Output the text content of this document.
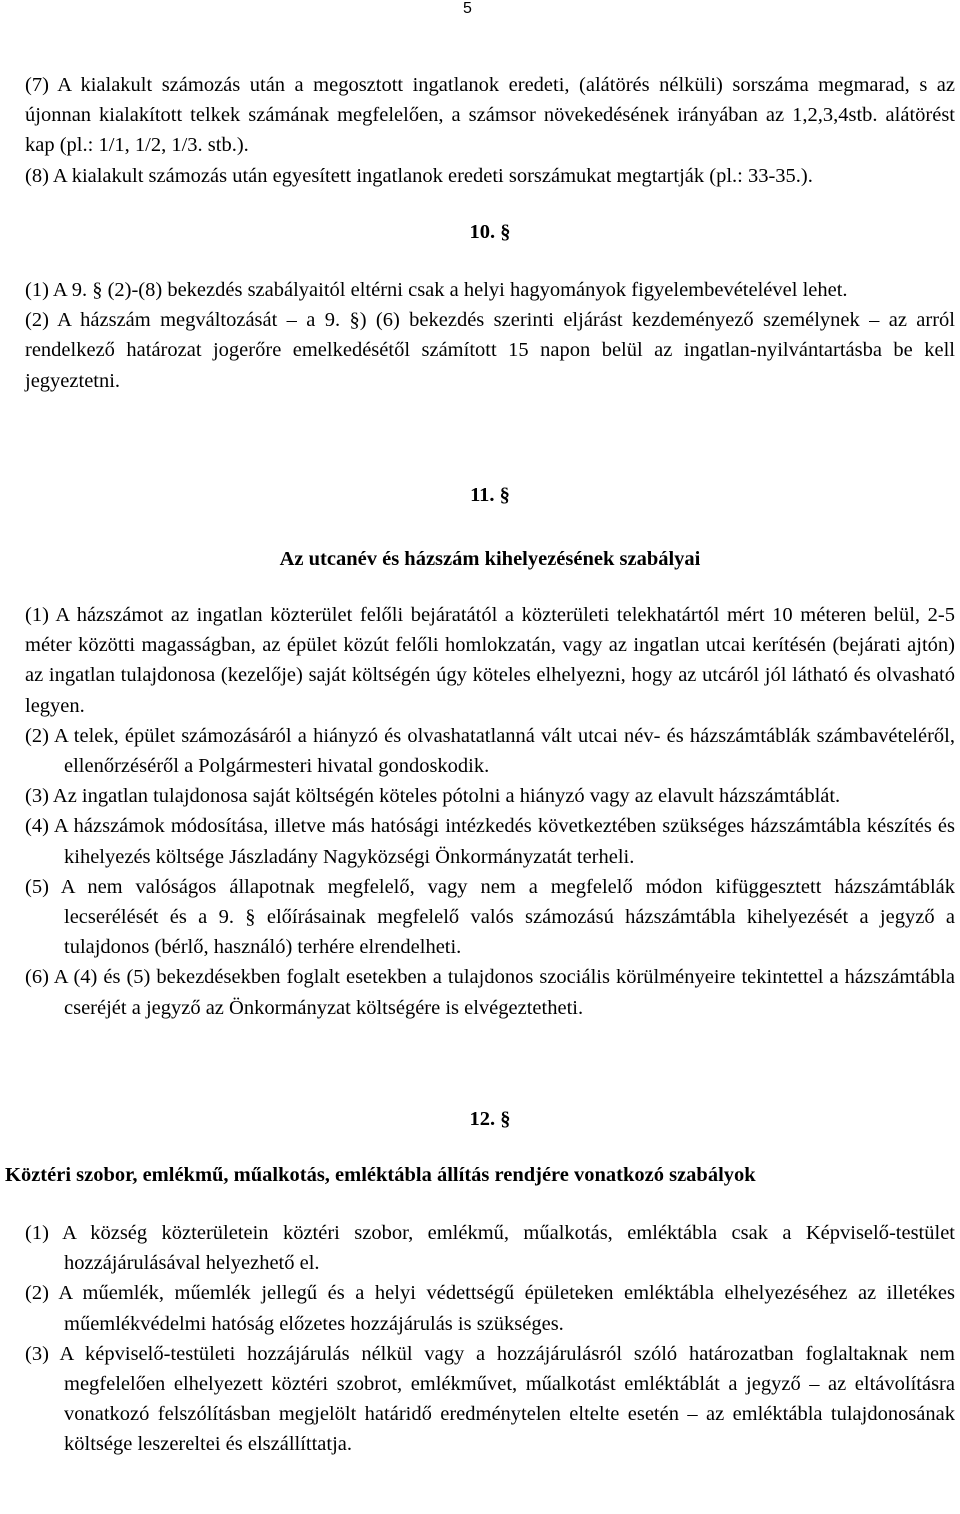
5

(7) A kialakult számozás után a megosztott ingatlanok eredeti, (alátörés nélküli) sorszáma megmarad, s az újonnan kialakított telkek számának megfelelően, a számsor növekedésének irányában az 1,2,3,4stb. alátörést kap (pl.: 1/1, 1/2, 1/3. stb.).

(8) A kialakult számozás után egyesített ingatlanok eredeti sorszámukat megtartják (pl.: 33-35.).

10. §

(1) A 9. § (2)-(8) bekezdés szabályaitól eltérni csak a helyi hagyományok figyelembevételével lehet.

(2) A házszám megváltozását – a 9. §) (6) bekezdés szerinti eljárást kezdeményező személynek – az arról rendelkező határozat jogerőre emelkedésétől számított 15 napon belül az ingatlan-nyilvántartásba be kell jegyeztetni.

11. §
Az utcanév és házszám kihelyezésének szabályai

(1) A házszámot az ingatlan közterület felőli bejáratától a közterületi telekhatártól mért 10 méteren belül, 2-5 méter közötti magasságban, az épület közút felőli homlokzatán, vagy az ingatlan utcai kerítésén (bejárati ajtón) az ingatlan tulajdonosa (kezelője) saját költségén úgy köteles elhelyezni, hogy az utcáról jól látható és olvasható legyen.

(2) A telek, épület számozásáról a hiányzó és olvashatatlanná vált utcai név- és házszámtáblák számbavételéről, ellenőrzéséről a Polgármesteri hivatal gondoskodik.

(3) Az ingatlan tulajdonosa saját költségén köteles pótolni a hiányzó vagy az elavult házszámtáblát.

(4) A házszámok módosítása, illetve más hatósági intézkedés következtében szükséges házszámtábla készítés és kihelyezés költsége Jászladány Nagyközségi Önkormányzatát terheli.

(5) A nem valóságos állapotnak megfelelő, vagy nem a megfelelő módon kifüggesztett házszámtáblák lecserélését és a 9. § előírásainak megfelelő valós számozású házszámtábla kihelyezését a jegyző a tulajdonos (bérlő, használó) terhére elrendelheti.

(6) A (4) és (5) bekezdésekben foglalt esetekben a tulajdonos szociális körülményeire tekintettel a házszámtábla cseréjét a jegyző az Önkormányzat költségére is elvégeztetheti.

12. §
Köztéri szobor, emlékmű, műalkotás, emléktábla állítás rendjére vonatkozó szabályok

(1) A község közterületein köztéri szobor, emlékmű, műalkotás, emléktábla csak a Képviselő-testület hozzájárulásával helyezhető el.

(2) A műemlék, műemlék jellegű és a helyi védettségű épületeken emléktábla elhelyezéséhez az illetékes műemlékvédelmi hatóság előzetes hozzájárulás is szükséges.

(3) A képviselő-testületi hozzájárulás nélkül vagy a hozzájárulásról szóló határozatban foglaltaknak nem megfelelően elhelyezett köztéri szobrot, emlékművet, műalkotást emléktáblát a jegyző – az eltávolításra vonatkozó felszólításban megjelölt határidő eredménytelen eltelte esetén – az emléktábla tulajdonosának költsége leszereltei és elszállíttatja.
